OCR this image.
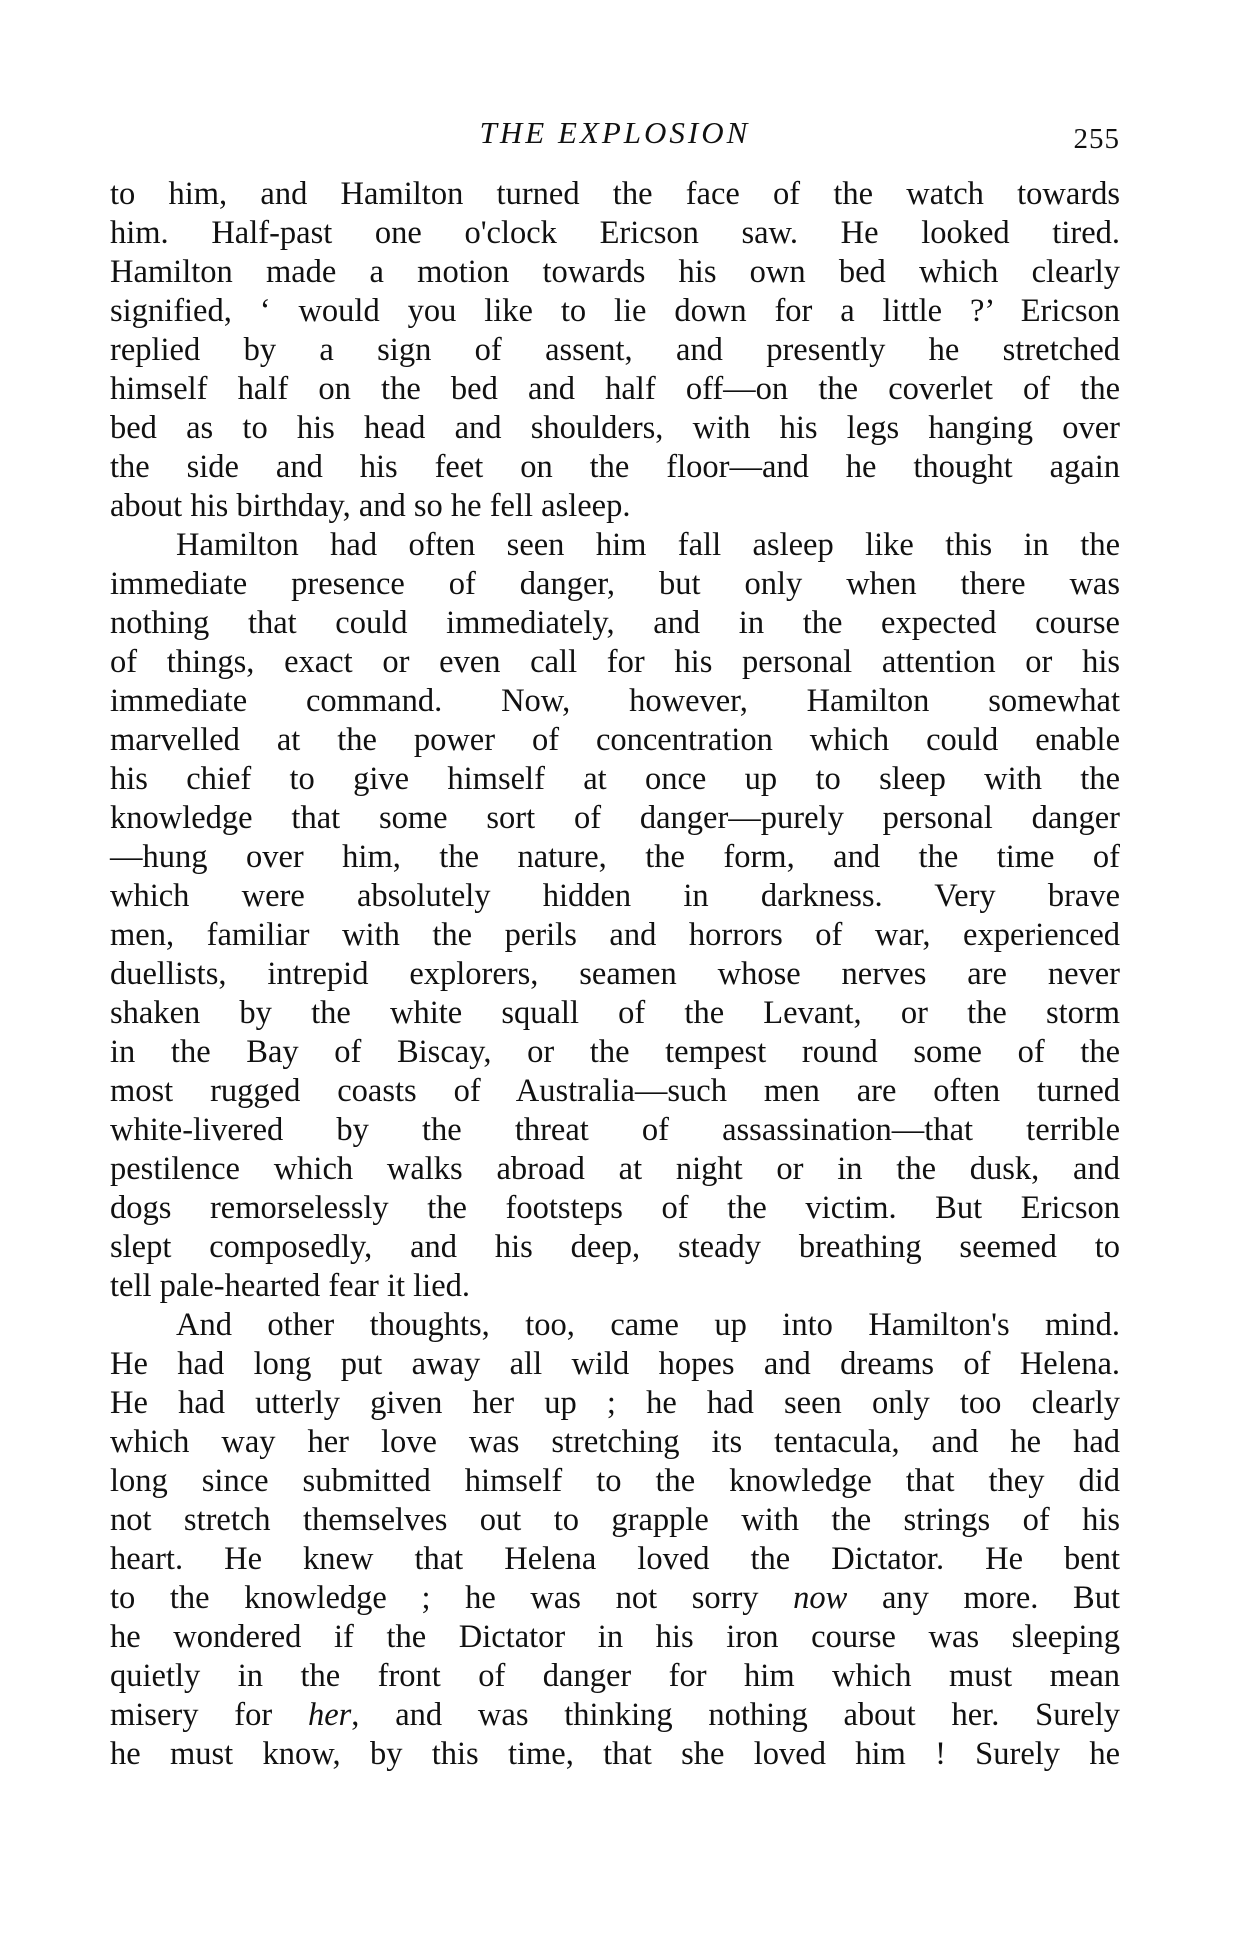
THE EXPLOSION	255
to him, and Hamilton turned the face of the watch towards
him. Half-past one o'clock Ericson saw. He looked tired.
Hamilton made a motion towards his own bed which clearly
signified, ‘ would you like to lie down for a little ?’ Ericson
replied by a sign of assent, and presently he stretched
himself half on the bed and half off—on the coverlet of the
bed as to his head and shoulders, with his legs hanging over
the side and his feet on the floor—and he thought again
about his birthday, and so he fell asleep.
Hamilton had often seen him fall asleep like this in the
immediate presence of danger, but only when there was
nothing that could immediately, and in the expected course
of things, exact or even call for his personal attention or his
immediate command. Now, however, Hamilton somewhat
marvelled at the power of concentration which could enable
his chief to give himself at once up to sleep with the
knowledge that some sort of danger—purely personal danger
—hung over him, the nature, the form, and the time of
which were absolutely hidden in darkness. Very brave
men, familiar with the perils and horrors of war, experienced
duellists, intrepid explorers, seamen whose nerves are never
shaken by the white squall of the Levant, or the storm
in the Bay of Biscay, or the tempest round some of the
most rugged coasts of Australia—such men are often turned
white-livered by the threat of assassination—that terrible
pestilence which walks abroad at night or in the dusk, and
dogs remorselessly the footsteps of the victim. But Ericson
slept composedly, and his deep, steady breathing seemed to
tell pale-hearted fear it lied.
And other thoughts, too, came up into Hamilton's mind.
He had long put away all wild hopes and dreams of Helena.
He had utterly given her up ; he had seen only too clearly
which way her love was stretching its tentacula, and he had
long since submitted himself to the knowledge that they did
not stretch themselves out to grapple with the strings of his
heart. He knew that Helena loved the Dictator. He bent
to the knowledge ; he was not sorry now any more. But
he wondered if the Dictator in his iron course was sleeping
quietly in the front of danger for him which must mean
misery for her, and was thinking nothing about her. Surely
he must know, by this time, that she loved him ! Surely he
